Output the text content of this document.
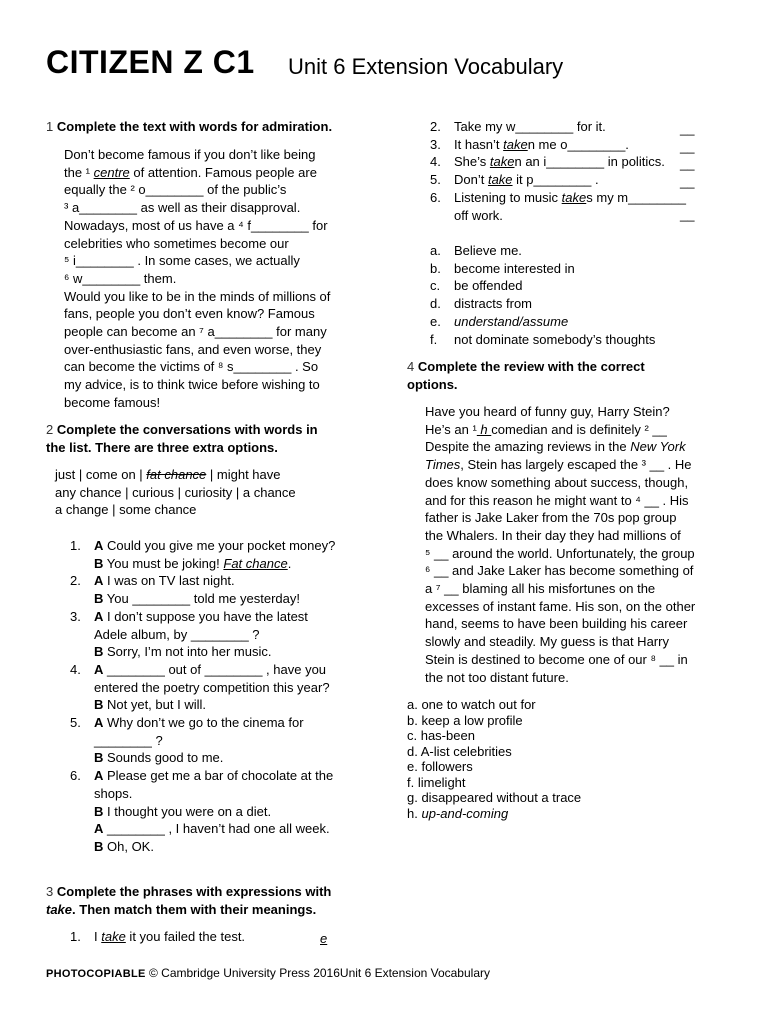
CITIZEN Z C1 Unit 6 Extension Vocabulary
1 Complete the text with words for admiration.
Don’t become famous if you don’t like being
the ¹ centre of attention. Famous people are
equally the ² o________ of the public’s
³ a________ as well as their disapproval.
Nowadays, most of us have a ⁴ f________ for
celebrities who sometimes become our
⁵ i________ . In some cases, we actually
⁶ w________ them.
Would you like to be in the minds of millions of
fans, people you don’t even know? Famous
people can become an ⁷ a________ for many
over-enthusiastic fans, and even worse, they
can become the victims of ⁸ s________ . So
my advice, is to think twice before wishing to
become famous!
2 Complete the conversations with words in
the list. There are three extra options.
just | come on | fat chance | might have
any chance | curious | curiosity | a chance
a change | some chance
1. A Could you give me your pocket money?
B You must be joking! Fat chance.
2. A I was on TV last night.
B You ________ told me yesterday!
3. A I don’t suppose you have the latest
Adele album, by ________ ?
B Sorry, I’m not into her music.
4. A ________ out of ________ , have you
entered the poetry competition this year?
B Not yet, but I will.
5. A Why don’t we go to the cinema for
________ ?
B Sounds good to me.
6. A Please get me a bar of chocolate at the
shops.
B I thought you were on a diet.
A ________ , I haven’t had one all week.
B Oh, OK.
3 Complete the phrases with expressions with
take. Then match them with their meanings.
1. I take it you failed the test.	e
2. Take my w________ for it.	__
3. It hasn’t taken me o________.	__
4. She’s taken an i________ in politics.	__
5. Don’t take it p________ .	__
6. Listening to music takes my m________
off work.	__
a.	Believe me.
b.	become interested in
c.	be offended
d.	distracts from
e.	understand/assume
f.	not dominate somebody’s thoughts
4 Complete the review with the correct
options.
Have you heard of funny guy, Harry Stein?
He’s an ¹ h comedian and is definitely ² __
Despite the amazing reviews in the New York
Times, Stein has largely escaped the ³ __ . He
does know something about success, though,
and for this reason he might want to ⁴ __ . His
father is Jake Laker from the 70s pop group
the Whalers. In their day they had millions of
⁵ __ around the world. Unfortunately, the group
⁶ __ and Jake Laker has become something of
a ⁷ __ blaming all his misfortunes on the
excesses of instant fame. His son, on the other
hand, seems to have been building his career
slowly and steadily. My guess is that Harry
Stein is destined to become one of our ⁸ __ in
the not too distant future.
a. one to watch out for
b. keep a low profile
c. has-been
d. A-list celebrities
e. followers
f. limelight
g. disappeared without a trace
h. up-and-coming
PHOTOCOPIABLE © Cambridge University Press 2016Unit 6 Extension Vocabulary
